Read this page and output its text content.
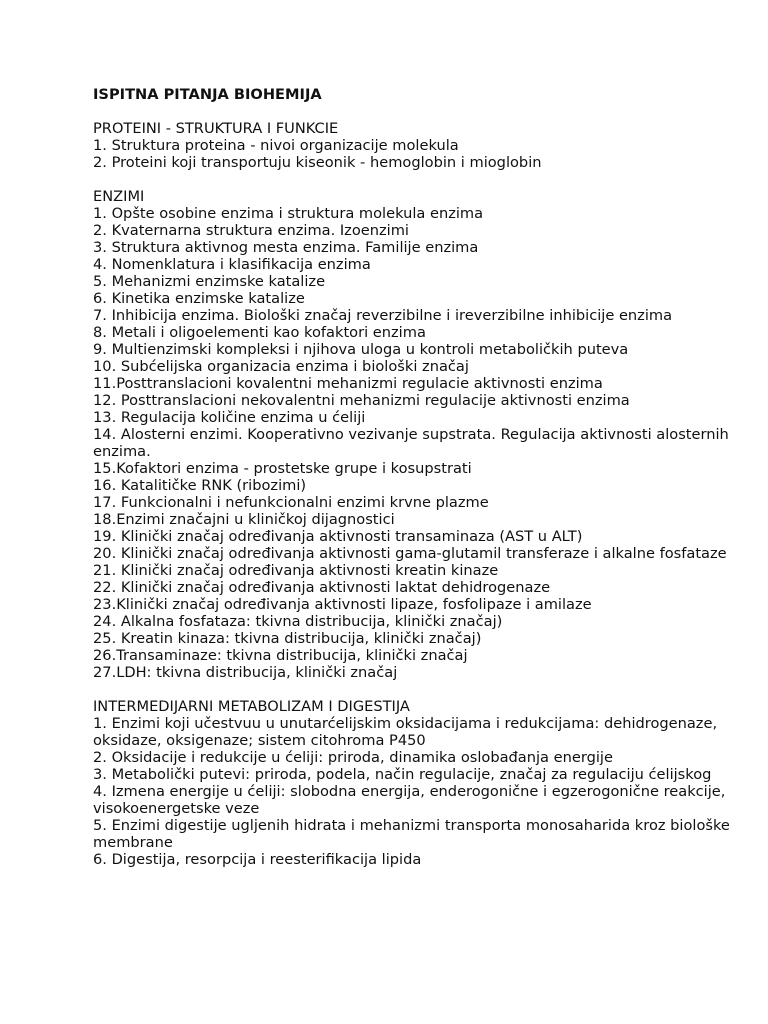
ISPITNA PITANJA BIOHEMIJA

PROTEINI - STRUKTURA I FUNKCIE

1. Struktura proteina - nivoi organizacije molekula

2. Proteini koji transportuju kiseonik - hemoglobin i mioglobin

ENZIMI

1. Opšte osobine enzima i struktura molekula enzima

2. Kvaternarna struktura enzima. Izoenzimi

3. Struktura aktivnog mesta enzima. Familije enzima

4. Nomenklatura i klasifikacija enzima

5. Mehanizmi enzimske katalize

6. Kinetika enzimske katalize

7. Inhibicija enzima. Biološki značaj reverzibilne i ireverzibilne inhibicije enzima

8. Metali i oligoelementi kao kofaktori enzima

9. Multienzimski kompleksi i njihova uloga u kontroli metaboličkih puteva

10. Subćelijska organizacia enzima i biološki značaj

11.Posttranslacioni kovalentni mehanizmi regulacie aktivnosti enzima

12. Posttranslacioni nekovalentni mehanizmi regulacije aktivnosti enzima

13. Regulacija količine enzima u ćeliji

14. Alosterni enzimi. Kooperativno vezivanje supstrata. Regulacija aktivnosti alosternih enzima.

15.Kofaktori enzima - prostetske grupe i kosupstrati

16. Katalitičke RNK (ribozimi)

17. Funkcionalni i nefunkcionalni enzimi krvne plazme

18.Enzimi značajni u kliničkoj dijagnostici

19. Klinički značaj određivanja aktivnosti transaminaza (AST u ALT)

20. Klinički značaj određivanja aktivnosti gama-glutamil transferaze i alkalne fosfataze

21. Klinički značaj određivanja aktivnosti kreatin kinaze

22. Klinički značaj određivanja aktivnosti laktat dehidrogenaze

23.Klinički značaj određivanja aktivnosti lipaze, fosfolipaze i amilaze

24. Alkalna fosfataza: tkivna distribucija, klinički značaj)

25. Kreatin kinaza: tkivna distribucija, klinički značaj)

26.Transaminaze: tkivna distribucija, klinički značaj

27.LDH: tkivna distribucija, klinički značaj

INTERMEDIJARNI METABOLIZAM I DIGESTIJA

1. Enzimi koji učestvuu u unutarćelijskim oksidacijama i redukcijama: dehidrogenaze, oksidaze, oksigenaze; sistem citohroma P450

2. Oksidacije i redukcije u ćeliji: priroda, dinamika oslobađanja energije

3. Metabolički putevi: priroda, podela, način regulacije, značaj za regulaciju ćelijskog

4. Izmena energije u ćeliji: slobodna energija, enderogonične i egzerogonične reakcije, visokoenergetske veze

5. Enzimi digestije ugljenih hidrata i mehanizmi transporta monosaharida kroz biološke membrane

6. Digestija, resorpcija i reesterifikacija lipida
